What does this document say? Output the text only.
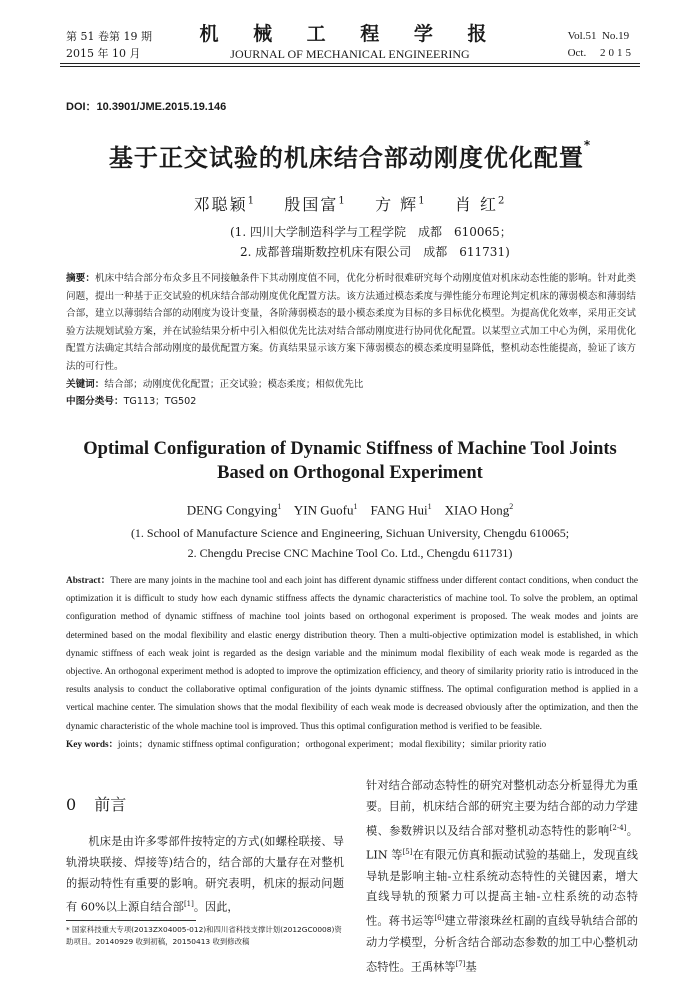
第 51 卷第 19 期
2015 年 10 月
机 械 工 程 学 报
JOURNAL OF MECHANICAL ENGINEERING
Vol.51 No.19
Oct. 2015
DOI：10.3901/JME.2015.19.146
基于正交试验的机床结合部动刚度优化配置*
邓聪颖$^1$ 殷国富$^1$ 方 辉$^1$ 肖 红$^2$
(1. 四川大学制造科学与工程学院　成都　610065；
2. 成都普瑞斯数控机床有限公司　成都　611731)
摘要：机床中结合部分布众多且不同接触条件下其动刚度值不同，优化分析时很难研究每个动刚度值对机床动态性能的影响。针对此类问题，提出一种基于正交试验的机床结合部动刚度优化配置方法。该方法通过模态柔度与弹性能分布理论判定机床的薄弱模态和薄弱结合部，建立以薄弱结合部的动刚度为设计变量，各阶薄弱模态的最小模态柔度为目标的多目标优化模型。为提高优化效率，采用正交试验方法规划试验方案，并在试验结果分析中引入相似优先比法对结合部动刚度进行协同优化配置。以某型立式加工中心为例，采用优化配置方法确定其结合部动刚度的最优配置方案。仿真结果显示该方案下薄弱模态的模态柔度明显降低，整机动态性能提高，验证了该方法的可行性。
关键词：结合部；动刚度优化配置；正交试验；模态柔度；相似优先比
中图分类号：TG113；TG502
Optimal Configuration of Dynamic Stiffness of Machine Tool Joints
Based on Orthogonal Experiment
DENG Congying$^1$ YIN Guofu$^1$ FANG Hui$^1$ XIAO Hong$^2$
(1. School of Manufacture Science and Engineering, Sichuan University, Chengdu 610065;
2. Chengdu Precise CNC Machine Tool Co. Ltd., Chengdu 611731)
Abstract：There are many joints in the machine tool and each joint has different dynamic stiffness under different contact conditions, when conduct the optimization it is difficult to study how each dynamic stiffness affects the dynamic characteristics of machine tool. To solve the problem, an optimal configuration method of dynamic stiffness of machine tool joints based on orthogonal experiment is proposed. The weak modes and joints are determined based on the modal flexibility and elastic energy distribution theory. Then a multi-objective optimization model is established, in which dynamic stiffness of each weak joint is regarded as the design variable and the minimum modal flexibility of each weak mode is regarded as the objective. An orthogonal experiment method is adopted to improve the optimization efficiency, and theory of similarity priority ratio is introduced in the results analysis to conduct the collaborative optimal configuration of the joints dynamic stiffness. The optimal configuration method is applied in a vertical machine center. The simulation shows that the modal flexibility of each weak mode is decreased obviously after the optimization, and then the dynamic characteristic of the whole machine tool is improved. Thus this optimal configuration method is verified to be feasible.
Key words：joints；dynamic stiffness optimal configuration；orthogonal experiment；modal flexibility；similar priority ratio
0 前言

机床是由许多零部件按特定的方式(如螺栓联接、导轨滑块联接、焊接等)结合的，结合部的大量存在对整机的振动特性有重要的影响。研究表明，机床的振动问题有 60%以上源自结合部[1]。因此，

针对结合部动态特性的研究对整机动态分析显得尤为重要。目前，机床结合部的研究主要为结合部的动力学建模、参数辨识以及结合部对整机动态特性的影响[2-4]。LIN 等[5]在有限元仿真和振动试验的基础上，发现直线导轨是影响主轴-立柱系统动态特性的关键因素，增大直线导轨的预紧力可以提高主轴-立柱系统的动态特性。蒋书运等[6]建立带滚珠丝杠副的直线导轨结合部的动力学模型，分析含结合部动态参数的加工中心整机动态特性。王禹林等[7]基

* 国家科技重大专项(2013ZX04005-012)和四川省科技支撑计划(2012GC0008)资助项目。20140929 收到初稿，20150413 收到修改稿
